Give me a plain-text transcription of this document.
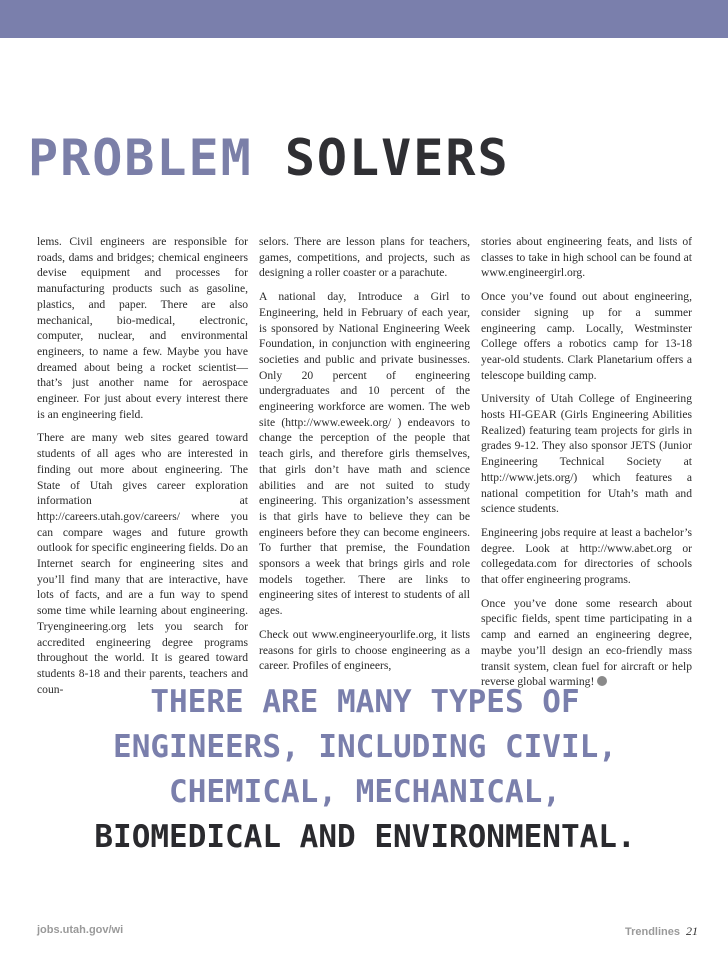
PROBLEM SOLVERS

lems. Civil engineers are responsible for roads, dams and bridges; chemical engineers devise equipment and processes for manufacturing products such as gasoline, plastics, and paper. There are also mechanical, bio-medical, electronic, computer, nuclear, and environmental engineers, to name a few. Maybe you have dreamed about being a rocket scientist—that’s just another name for aerospace engineer. For just about every interest there is an engineering field.

There are many web sites geared toward students of all ages who are interested in finding out more about engineering. The State of Utah gives career exploration information at http://careers.utah.gov/careers/ where you can compare wages and future growth outlook for specific engineering fields. Do an Internet search for engineering sites and you’ll find many that are interactive, have lots of facts, and are a fun way to spend some time while learning about engineering. Tryengineering.org lets you search for accredited engineering degree programs throughout the world. It is geared toward students 8-18 and their parents, teachers and coun-

selors. There are lesson plans for teachers, games, competitions, and projects, such as designing a roller coaster or a parachute.

A national day, Introduce a Girl to Engineering, held in February of each year, is sponsored by National Engineering Week Foundation, in conjunction with engineering societies and public and private businesses. Only 20 percent of engineering undergraduates and 10 percent of the engineering workforce are women. The web site (http://www.eweek.org/ ) endeavors to change the perception of the people that teach girls, and therefore girls themselves, that girls don’t have math and science abilities and are not suited to study engineering. This organization’s assessment is that girls have to believe they can be engineers before they can become engineers. To further that premise, the Foundation sponsors a week that brings girls and role models together. There are links to engineering sites of interest to students of all ages.

Check out www.engineeryourlife.org, it lists reasons for girls to choose engineering as a career. Profiles of engineers,

stories about engineering feats, and lists of classes to take in high school can be found at www.engineergirl.org.

Once you’ve found out about engineering, consider signing up for a summer engineering camp. Locally, Westminster College offers a robotics camp for 13-18 year-old students. Clark Planetarium offers a telescope building camp.

University of Utah College of Engineering hosts HI-GEAR (Girls Engineering Abilities Realized) featuring team projects for girls in grades 9-12. They also sponsor JETS (Junior Engineering Technical Society at http://www.jets.org/) which features a national competition for Utah’s math and science students.

Engineering jobs require at least a bachelor’s degree. Look at http://www.abet.org or collegedata.com for directories of schools that offer engineering programs.

Once you’ve done some research about specific fields, spent time participating in a camp and earned an engineering degree, maybe you’ll design an eco-friendly mass transit system, clean fuel for aircraft or help reverse global warming!

THERE ARE MANY TYPES OF
ENGINEERS, INCLUDING CIVIL,
CHEMICAL, MECHANICAL,
BIOMEDICAL AND ENVIRONMENTAL.
jobs.utah.gov/wi	Trendlines 21
